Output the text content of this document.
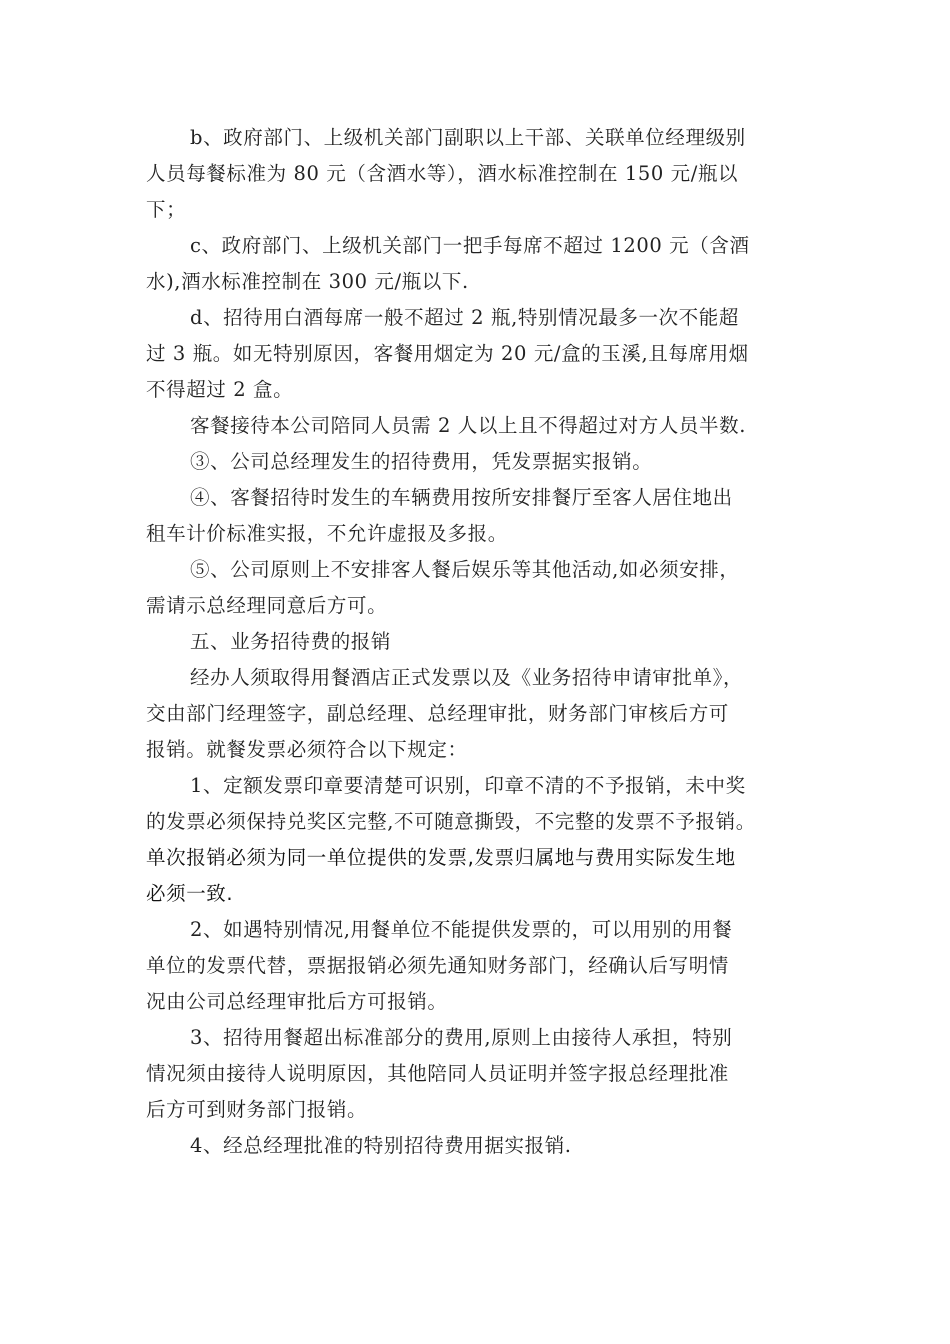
b、政府部门、上级机关部门副职以上干部、关联单位经理级别
人员每餐标准为 80 元（含酒水等），酒水标准控制在 150 元/瓶以
下；
c、政府部门、上级机关部门一把手每席不超过 1200 元（含酒
水),酒水标准控制在 300 元/瓶以下.
d、招待用白酒每席一般不超过 2 瓶,特别情况最多一次不能超
过 3 瓶。如无特别原因，客餐用烟定为 20 元/盒的玉溪,且每席用烟
不得超过 2 盒。
客餐接待本公司陪同人员需 2 人以上且不得超过对方人员半数.
③、公司总经理发生的招待费用，凭发票据实报销。
④、客餐招待时发生的车辆费用按所安排餐厅至客人居住地出
租车计价标准实报，不允许虚报及多报。
⑤、公司原则上不安排客人餐后娱乐等其他活动,如必须安排，
需请示总经理同意后方可。
五、业务招待费的报销
经办人须取得用餐酒店正式发票以及《业务招待申请审批单》，
交由部门经理签字，副总经理、总经理审批，财务部门审核后方可
报销。就餐发票必须符合以下规定：
1、定额发票印章要清楚可识别，印章不清的不予报销，未中奖
的发票必须保持兑奖区完整,不可随意撕毁，不完整的发票不予报销。
单次报销必须为同一单位提供的发票,发票归属地与费用实际发生地
必须一致.
2、如遇特别情况,用餐单位不能提供发票的，可以用别的用餐
单位的发票代替，票据报销必须先通知财务部门，经确认后写明情
况由公司总经理审批后方可报销。
3、招待用餐超出标准部分的费用,原则上由接待人承担，特别
情况须由接待人说明原因，其他陪同人员证明并签字报总经理批准
后方可到财务部门报销。
4、经总经理批准的特别招待费用据实报销.
